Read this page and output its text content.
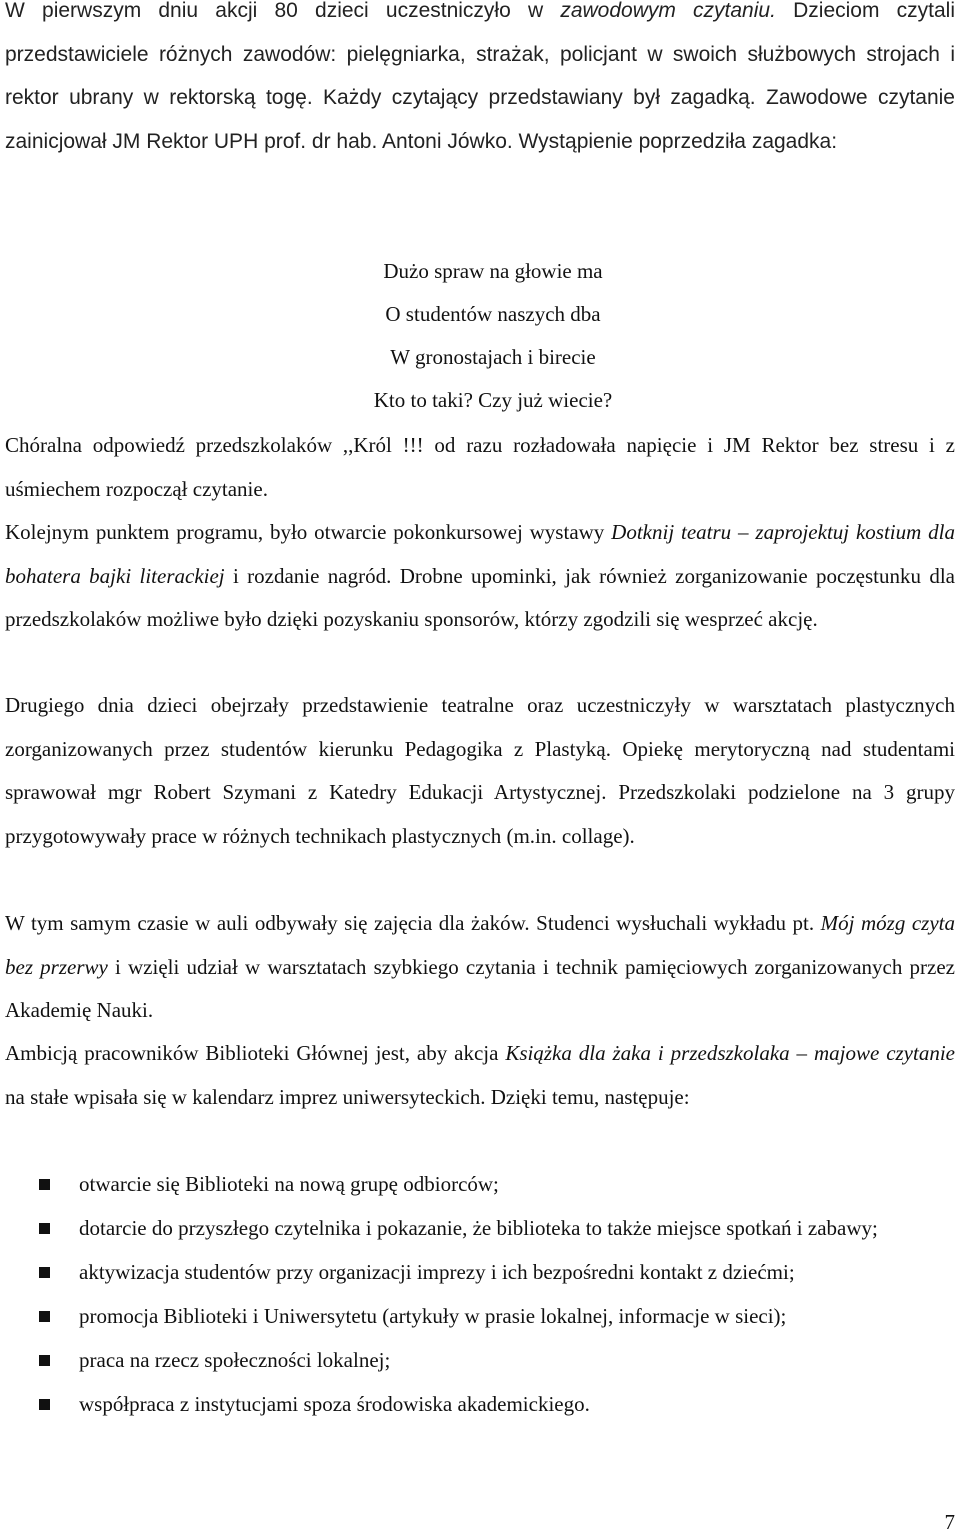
W pierwszym dniu akcji 80 dzieci uczestniczyło w zawodowym czytaniu. Dzieciom czytali przedstawiciele różnych zawodów: pielęgniarka, strażak, policjant w swoich służbowych strojach i rektor ubrany w rektorską togę. Każdy czytający przedstawiany był zagadką. Zawodowe czytanie zainicjował JM Rektor UPH prof. dr hab. Antoni Jówko. Wystąpienie poprzedziła zagadka:

Dużo spraw na głowie ma
O studentów naszych dba
W gronostajach i birecie
Kto to taki? Czy już wiecie?

Chóralna odpowiedź przedszkolaków ,,Król !!! od razu rozładowała napięcie i JM Rektor bez stresu i z uśmiechem rozpoczął czytanie.

Kolejnym punktem programu, było otwarcie pokonkursowej wystawy Dotknij teatru – zaprojektuj kostium dla bohatera bajki literackiej i rozdanie nagród. Drobne upominki, jak również zorganizowanie poczęstunku dla przedszkolaków możliwe było dzięki pozyskaniu sponsorów, którzy zgodzili się wesprzeć akcję.

Drugiego dnia dzieci obejrzały przedstawienie teatralne oraz uczestniczyły w warsztatach plastycznych zorganizowanych przez studentów kierunku Pedagogika z Plastyką. Opiekę merytoryczną nad studentami sprawował mgr Robert Szymani z Katedry Edukacji Artystycznej. Przedszkolaki podzielone na 3 grupy przygotowywały prace w różnych technikach plastycznych (m.in. collage).

W tym samym czasie w auli odbywały się zajęcia dla żaków. Studenci wysłuchali wykładu pt. Mój mózg czyta bez przerwy i wzięli udział w warsztatach szybkiego czytania i technik pamięciowych zorganizowanych przez Akademię Nauki.

Ambicją pracowników Biblioteki Głównej jest, aby akcja Książka dla żaka i przedszkolaka – majowe czytanie na stałe wpisała się w kalendarz imprez uniwersyteckich. Dzięki temu, następuje:

otwarcie się Biblioteki na nową grupę odbiorców;
dotarcie do przyszłego czytelnika i pokazanie, że biblioteka to także miejsce spotkań i zabawy;
aktywizacja studentów przy organizacji imprezy i ich bezpośredni kontakt z dziećmi;
promocja Biblioteki i Uniwersytetu (artykuły w prasie lokalnej, informacje w sieci);
praca na rzecz społeczności lokalnej;
współpraca z instytucjami spoza środowiska akademickiego.
7
